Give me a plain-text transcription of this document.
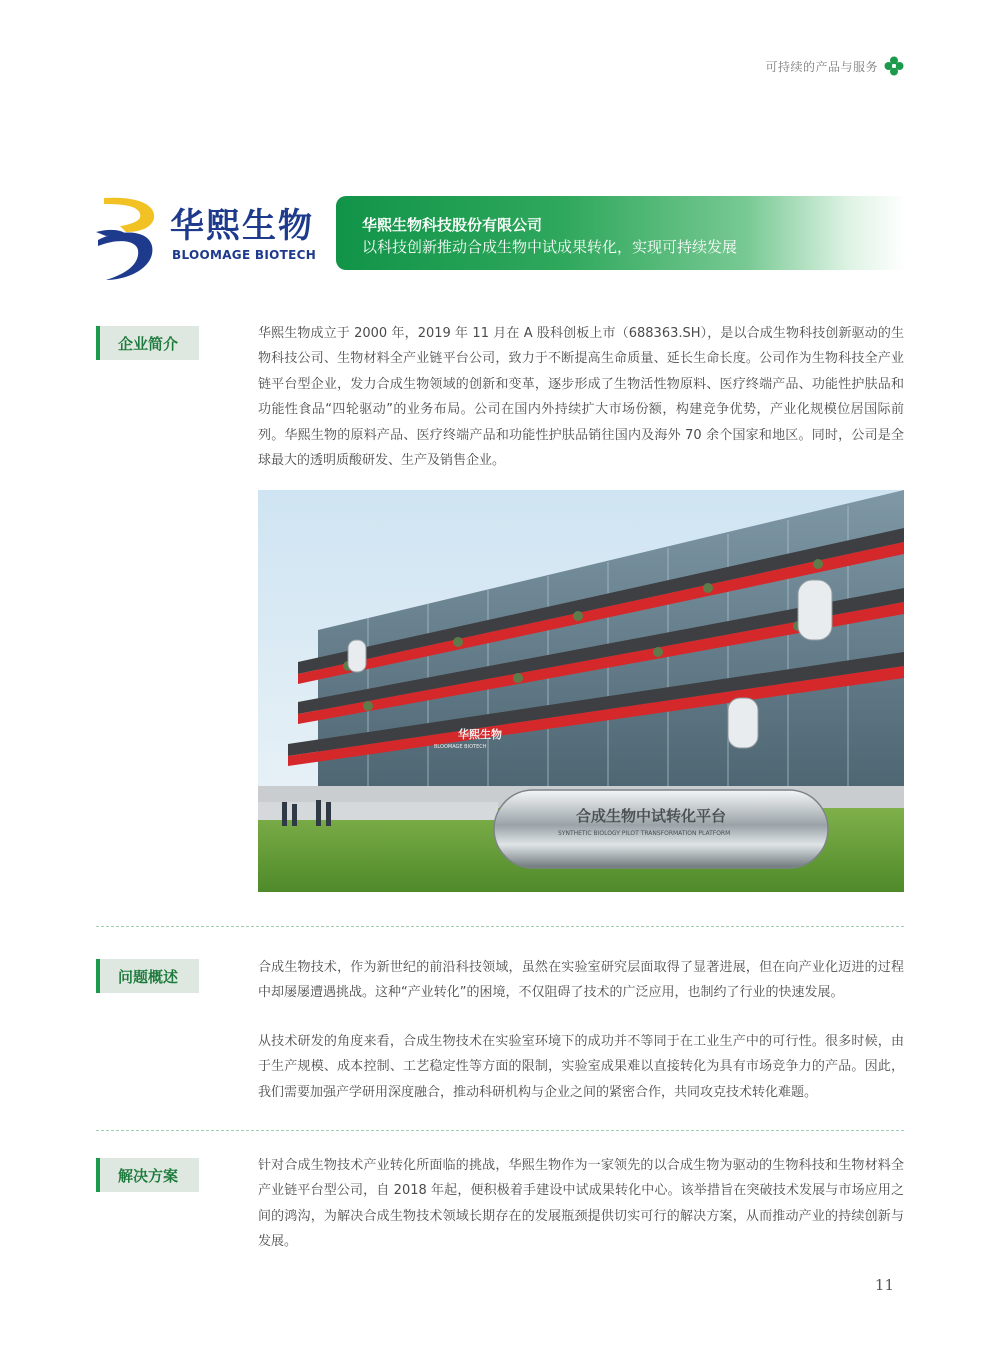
可持续的产品与服务
华熙生物
BLOOMAGE BIOTECH
华熙生物科技股份有限公司
以科技创新推动合成生物中试成果转化，实现可持续发展
企业简介

华熙生物成立于 2000 年，2019 年 11 月在 A 股科创板上市（688363.SH），是以合成生物科技创新驱动的生物科技公司、生物材料全产业链平台公司，致力于不断提高生命质量、延长生命长度。公司作为生物科技全产业链平台型企业，发力合成生物领域的创新和变革，逐步形成了生物活性物原料、医疗终端产品、功能性护肤品和功能性食品“四轮驱动”的业务布局。公司在国内外持续扩大市场份额，构建竞争优势，产业化规模位居国际前列。华熙生物的原料产品、医疗终端产品和功能性护肤品销往国内及海外 70 余个国家和地区。同时，公司是全球最大的透明质酸研发、生产及销售企业。

华熙生物
BLOOMAGE BIOTECH
合成生物中试转化平台
SYNTHETIC BIOLOGY PILOT TRANSFORMATION PLATFORM
问题概述

合成生物技术，作为新世纪的前沿科技领域，虽然在实验室研究层面取得了显著进展，但在向产业化迈进的过程中却屡屡遭遇挑战。这种“产业转化”的困境，不仅阻碍了技术的广泛应用，也制约了行业的快速发展。

从技术研发的角度来看，合成生物技术在实验室环境下的成功并不等同于在工业生产中的可行性。很多时候，由于生产规模、成本控制、工艺稳定性等方面的限制，实验室成果难以直接转化为具有市场竞争力的产品。因此，我们需要加强产学研用深度融合，推动科研机构与企业之间的紧密合作，共同攻克技术转化难题。

解决方案

针对合成生物技术产业转化所面临的挑战，华熙生物作为一家领先的以合成生物为驱动的生物科技和生物材料全产业链平台型公司，自 2018 年起，便积极着手建设中试成果转化中心。该举措旨在突破技术发展与市场应用之间的鸿沟，为解决合成生物技术领域长期存在的发展瓶颈提供切实可行的解决方案，从而推动产业的持续创新与发展。

11
